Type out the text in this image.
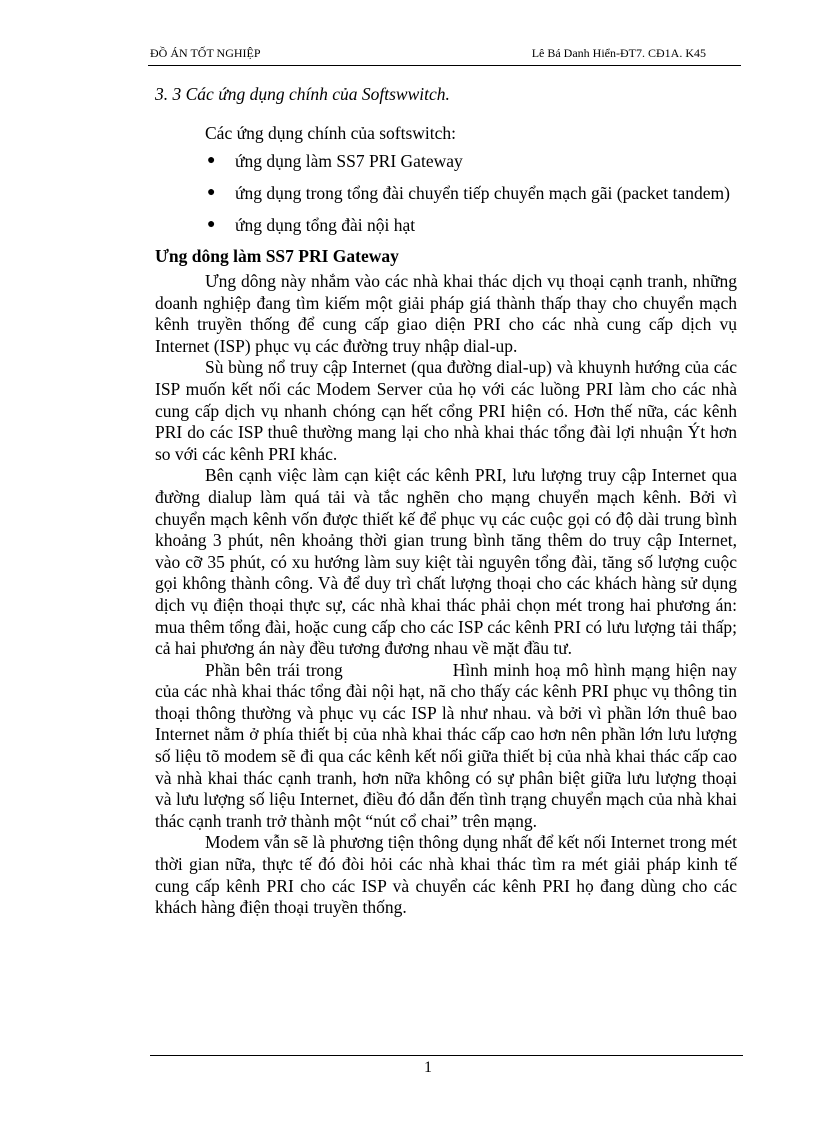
ĐỒ ÁN TỐT NGHIỆP	Lê Bá Danh Hiển-ĐT7. CĐ1A. K45
3. 3 Các ứng dụng chính của Softswwitch.
Các ứng dụng chính của softswitch:
● ứng dụng làm SS7 PRI Gateway
● ứng dụng trong tổng đài chuyển tiếp chuyển mạch gãi (packet tandem)
● ứng dụng tổng đài nội hạt
Ưng dông làm SS7 PRI Gateway

Ưng dông này nhắm vào các nhà khai thác dịch vụ thoại cạnh tranh, những doanh nghiệp đang tìm kiếm một giải pháp giá thành thấp thay cho chuyển mạch kênh truyền thống để cung cấp giao diện PRI cho các nhà cung cấp dịch vụ Internet (ISP) phục vụ các đường truy nhập dial-up.

Sù bùng nổ truy cập Internet (qua đường dial-up) và khuynh hướng của các ISP muốn kết nối các Modem Server của họ với các luồng PRI làm cho các nhà cung cấp dịch vụ nhanh chóng cạn hết cổng PRI hiện có. Hơn thế nữa, các kênh PRI do các ISP thuê thường mang lại cho nhà khai thác tổng đài lợi nhuận Ýt hơn so với các kênh PRI khác.

Bên cạnh việc làm cạn kiệt các kênh PRI, lưu lượng truy cập Internet qua đường dialup làm quá tải và tắc nghẽn cho mạng chuyển mạch kênh. Bởi vì chuyển mạch kênh vốn được thiết kế để phục vụ các cuộc gọi có độ dài trung bình khoảng 3 phút, nên khoảng thời gian trung bình tăng thêm do truy cập Internet, vào cỡ 35 phút, có xu hướng làm suy kiệt tài nguyên tổng đài, tăng số lượng cuộc gọi không thành công. Và để duy trì chất lượng thoại cho các khách hàng sử dụng dịch vụ điện thoại thực sự, các nhà khai thác phải chọn mét trong hai phương án: mua thêm tổng đài, hoặc cung cấp cho các ISP các kênh PRI có lưu lượng tải thấp; cả hai phương án này đều tương đương nhau về mặt đầu tư.

Phần bên trái trong	Hình minh hoạ mô hình mạng hiện nay của các nhà khai thác tổng đài nội hạt, nã cho thấy các kênh PRI phục vụ thông tin thoại thông thường và phục vụ các ISP là như nhau. và bởi vì phần lớn thuê bao Internet nằm ở phía thiết bị của nhà khai thác cấp cao hơn nên phần lớn lưu lượng số liệu tõ modem sẽ đi qua các kênh kết nối giữa thiết bị của nhà khai thác cấp cao và nhà khai thác cạnh tranh, hơn nữa không có sự phân biệt giữa lưu lượng thoại và lưu lượng số liệu Internet, điều đó dẫn đến tình trạng chuyển mạch của nhà khai thác cạnh tranh trở thành một “nút cổ chai” trên mạng.

Modem vẫn sẽ là phương tiện thông dụng nhất để kết nối Internet trong mét thời gian nữa, thực tế đó đòi hỏi các nhà khai thác tìm ra mét giải pháp kinh tế cung cấp kênh PRI cho các ISP và chuyển các kênh PRI họ đang dùng cho các khách hàng điện thoại truyền thống.

1
